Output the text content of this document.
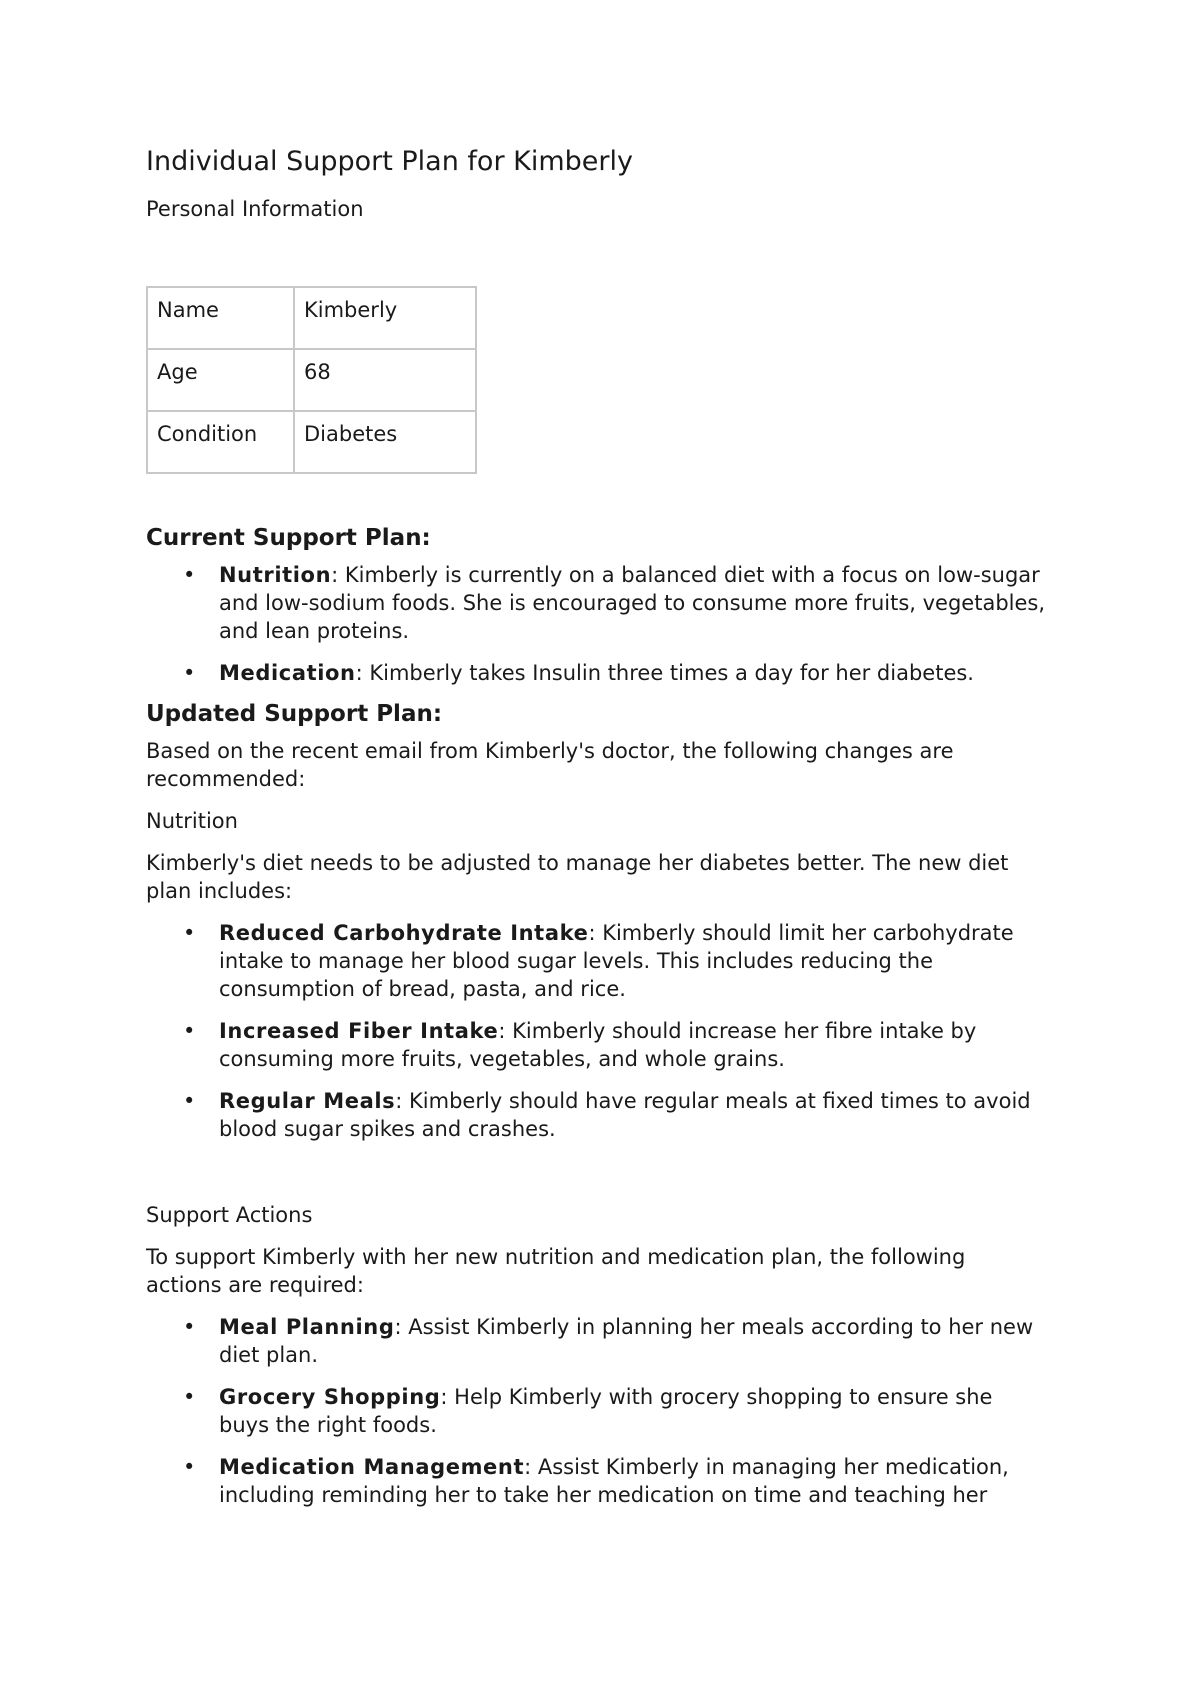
Individual Support Plan for Kimberly
Personal Information
Name	Kimberly
Age	68
Condition	Diabetes
Current Support Plan:
• Nutrition: Kimberly is currently on a balanced diet with a focus on low-sugar and low-sodium foods. She is encouraged to consume more fruits, vegetables, and lean proteins.
• Medication: Kimberly takes Insulin three times a day for her diabetes.
Updated Support Plan:

Based on the recent email from Kimberly's doctor, the following changes are recommended:

Nutrition

Kimberly's diet needs to be adjusted to manage her diabetes better. The new diet plan includes:

• Reduced Carbohydrate Intake: Kimberly should limit her carbohydrate intake to manage her blood sugar levels. This includes reducing the consumption of bread, pasta, and rice.
• Increased Fiber Intake: Kimberly should increase her fibre intake by consuming more fruits, vegetables, and whole grains.
• Regular Meals: Kimberly should have regular meals at fixed times to avoid blood sugar spikes and crashes.

Support Actions

To support Kimberly with her new nutrition and medication plan, the following actions are required:

• Meal Planning: Assist Kimberly in planning her meals according to her new diet plan.
• Grocery Shopping: Help Kimberly with grocery shopping to ensure she buys the right foods.
• Medication Management: Assist Kimberly in managing her medication, including reminding her to take her medication on time and teaching her
